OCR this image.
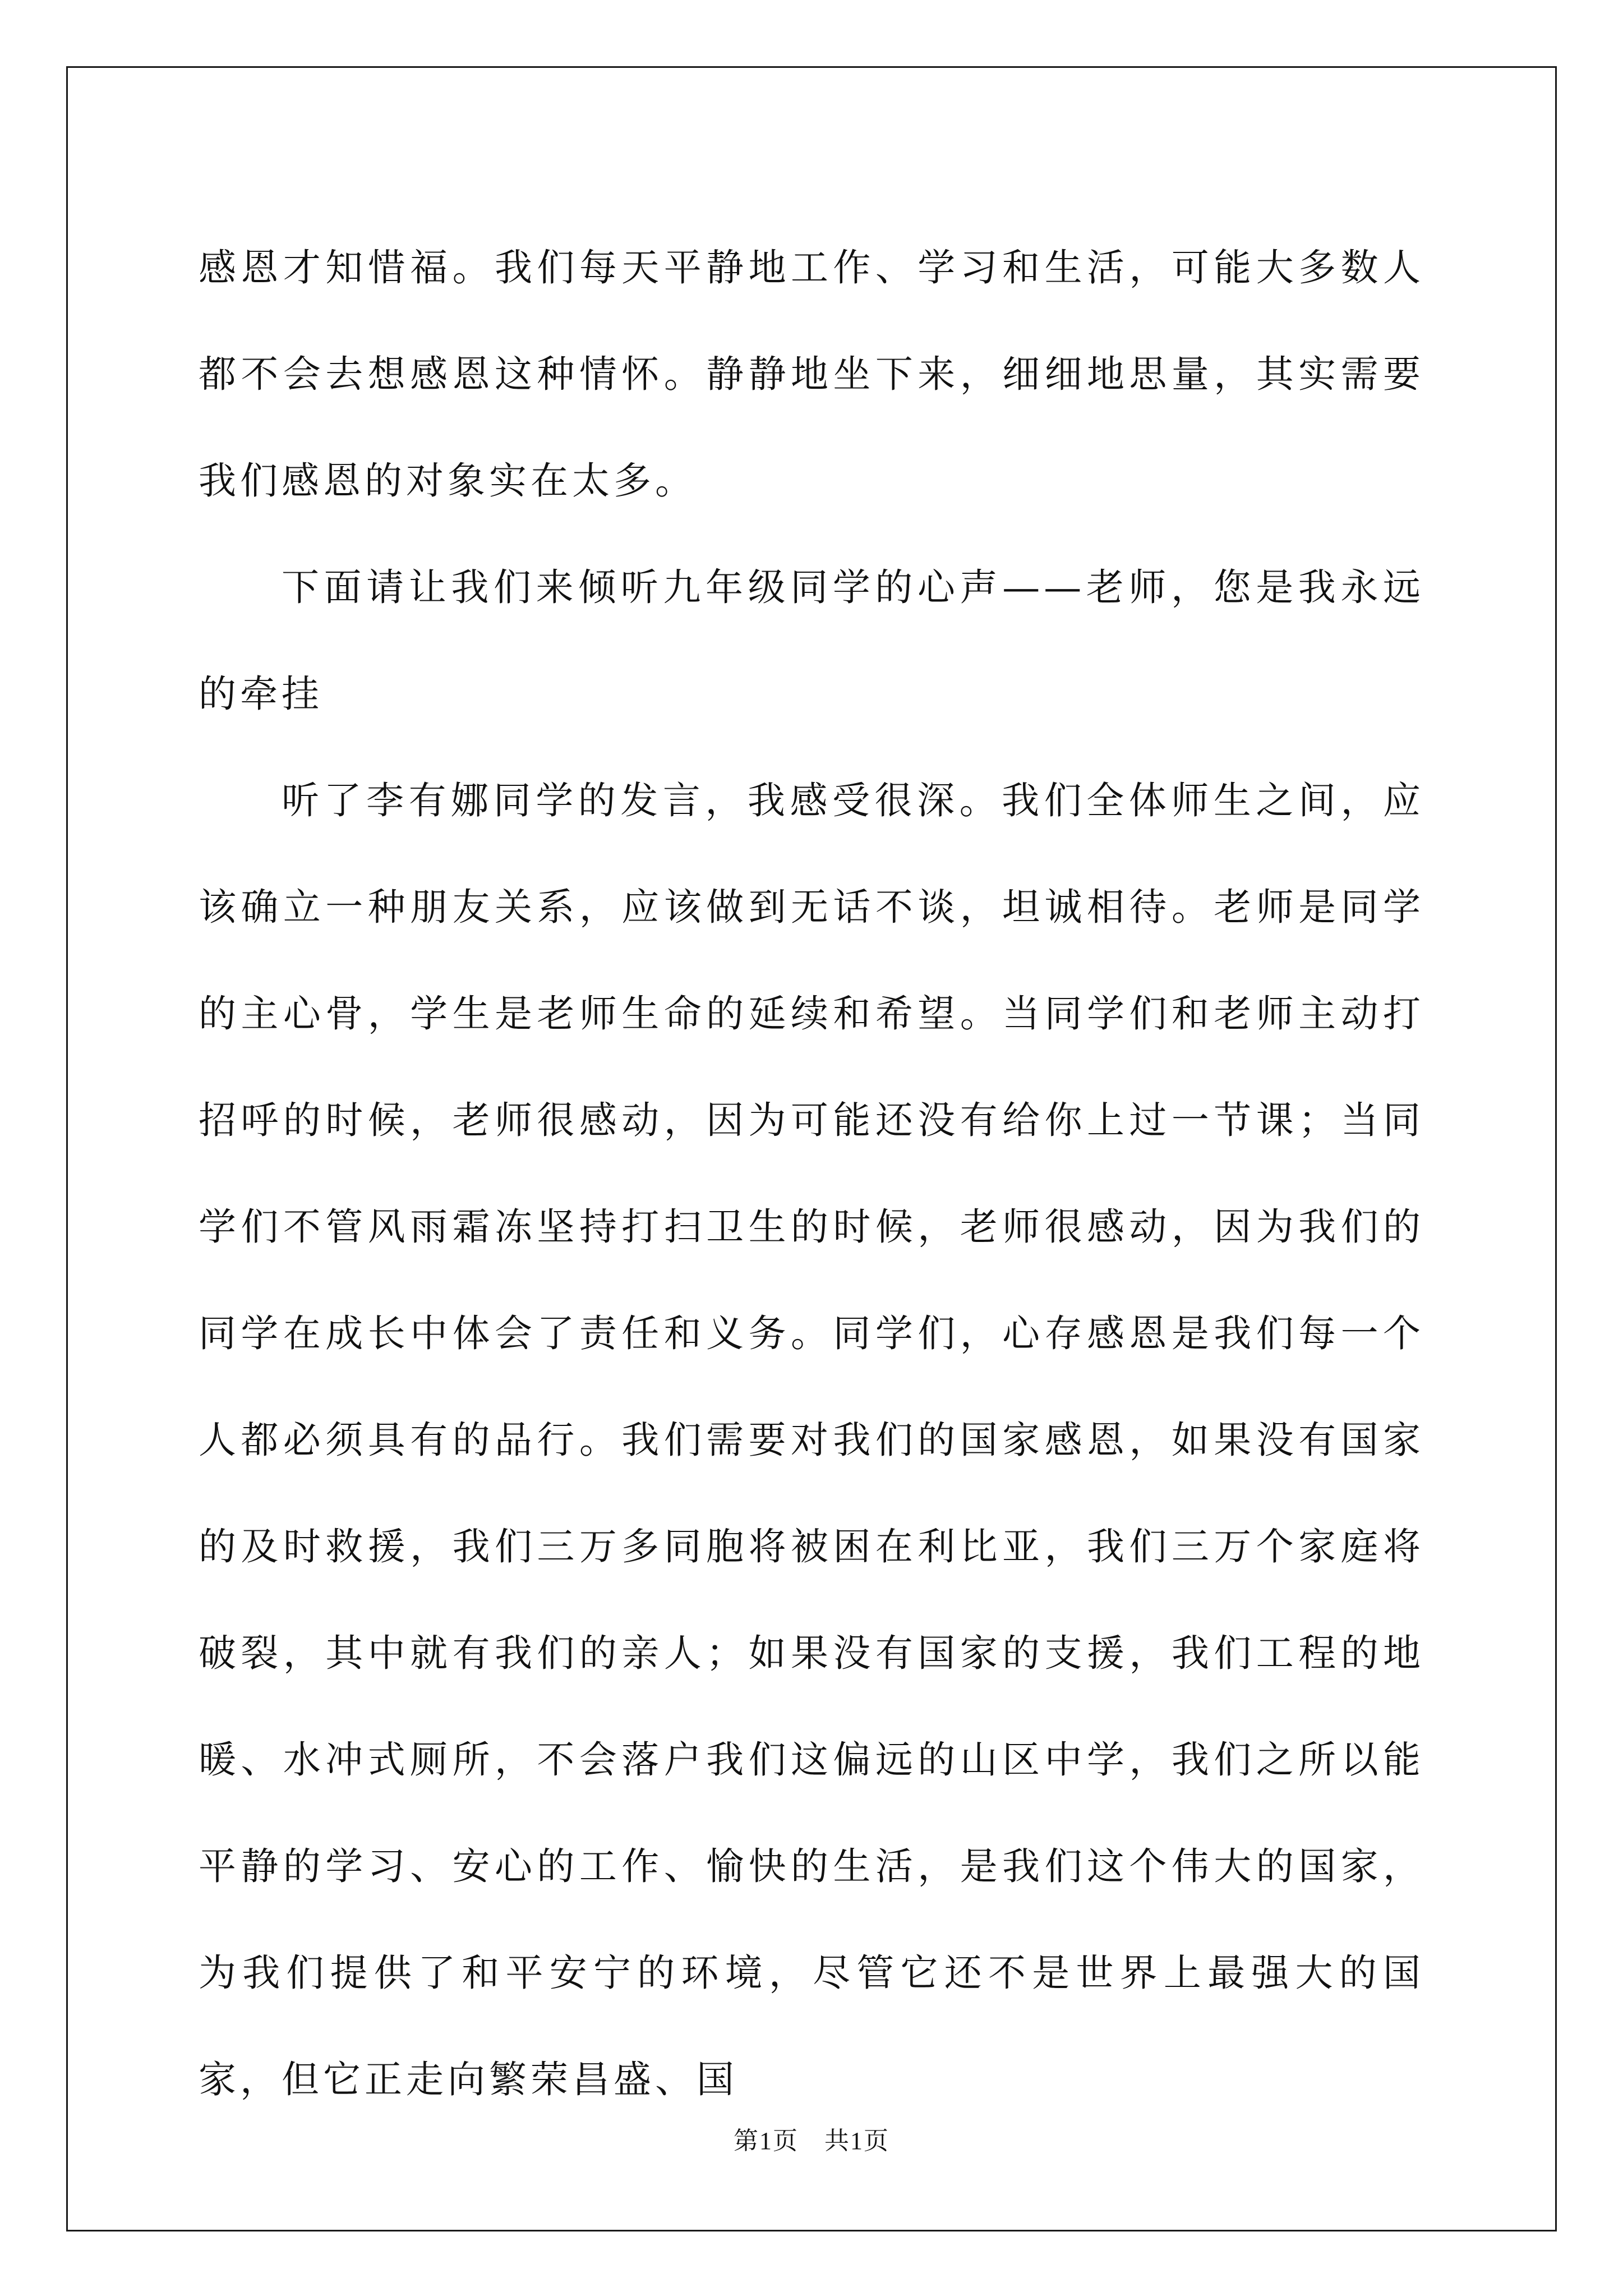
感恩才知惜福。我们每天平静地工作、学习和生活，可能大多数人都不会去想感恩这种情怀。静静地坐下来，细细地思量，其实需要我们感恩的对象实在太多。

下面请让我们来倾听九年级同学的心声——老师，您是我永远的牵挂

听了李有娜同学的发言，我感受很深。我们全体师生之间，应该确立一种朋友关系，应该做到无话不谈，坦诚相待。老师是同学的主心骨，学生是老师生命的延续和希望。当同学们和老师主动打招呼的时候，老师很感动，因为可能还没有给你上过一节课；当同学们不管风雨霜冻坚持打扫卫生的时候，老师很感动，因为我们的同学在成长中体会了责任和义务。同学们，心存感恩是我们每一个人都必须具有的品行。我们需要对我们的国家感恩，如果没有国家的及时救援，我们三万多同胞将被困在利比亚，我们三万个家庭将破裂，其中就有我们的亲人；如果没有国家的支援，我们工程的地暖、水冲式厕所，不会落户我们这偏远的山区中学，我们之所以能平静的学习、安心的工作、愉快的生活，是我们这个伟大的国家，为我们提供了和平安宁的环境，尽管它还不是世界上最强大的国家，但它正走向繁荣昌盛、国

第1页　共1页
